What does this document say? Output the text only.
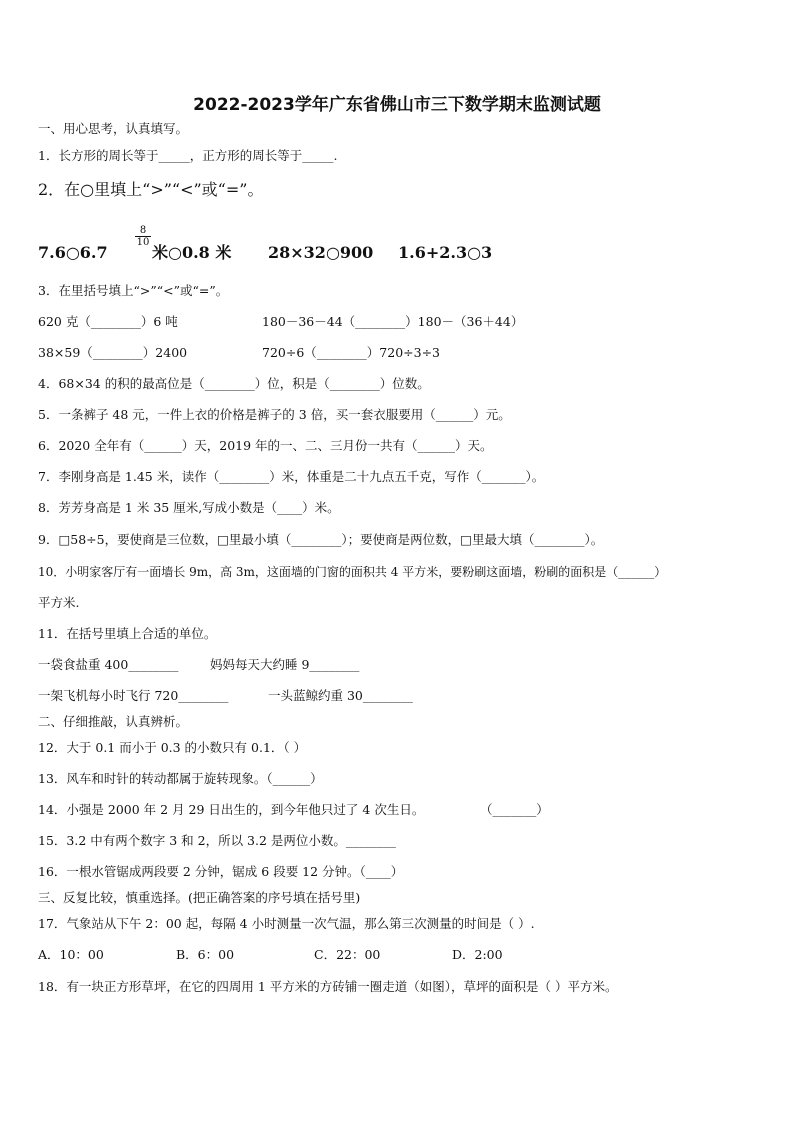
2022-2023学年广东省佛山市三下数学期末监测试题
一、用心思考，认真填写。
1．长方形的周长等于_____，正方形的周长等于_____.
2．在○里填上“>”“<”或“=”。
7.6○6.7
$\frac{8}{10}$
米○0.8 米 28×32○900 1.6+2.3○3
3．在里括号填上“>”“<”或“=”。
620 克（________）6 吨	180－36－44（________）180－（36＋44）
38×59（________）2400	720÷6（________）720÷3÷3
4．68×34 的积的最高位是（________）位，积是（________）位数。
5．一条裤子 48 元，一件上衣的价格是裤子的 3 倍，买一套衣服要用（______）元。
6．2020 全年有（______）天，2019 年的一、二、三月份一共有（______）天。
7．李刚身高是 1.45 米，读作（________）米，体重是二十九点五千克，写作（_______）。
8．芳芳身高是 1 米 35 厘米,写成小数是（____）米。
9．□58÷5，要使商是三位数，□里最小填（________）；要使商是两位数，□里最大填（________）。
10．小明家客厅有一面墙长 9m，高 3m，这面墙的门窗的面积共 4 平方米，要粉刷这面墙，粉刷的面积是（______）
平方米.
11．在括号里填上合适的单位。
一袋食盐重 400________	妈妈每天大约睡 9________
一架飞机每小时飞行 720________	一头蓝鲸约重 30________
二、仔细推敲，认真辨析。
12．大于 0.1 而小于 0.3 的小数只有 0.1．（ ）
13．风车和时针的转动都属于旋转现象。（______）
14．小强是 2000 年 2 月 29 日出生的，到今年他只过了 4 次生日。	（_______）
15．3.2 中有两个数字 3 和 2，所以 3.2 是两位小数。________
16．一根水管锯成两段要 2 分钟，锯成 6 段要 12 分钟。（____）
三、反复比较，慎重选择。(把正确答案的序号填在括号里)
17．气象站从下午 2：00 起，每隔 4 小时测量一次气温，那么第三次测量的时间是（ ）.
A．10：00	B．6：00	C．22：00	D．2:00
18．有一块正方形草坪，在它的四周用 1 平方米的方砖铺一圈走道（如图），草坪的面积是（ ）平方米。
